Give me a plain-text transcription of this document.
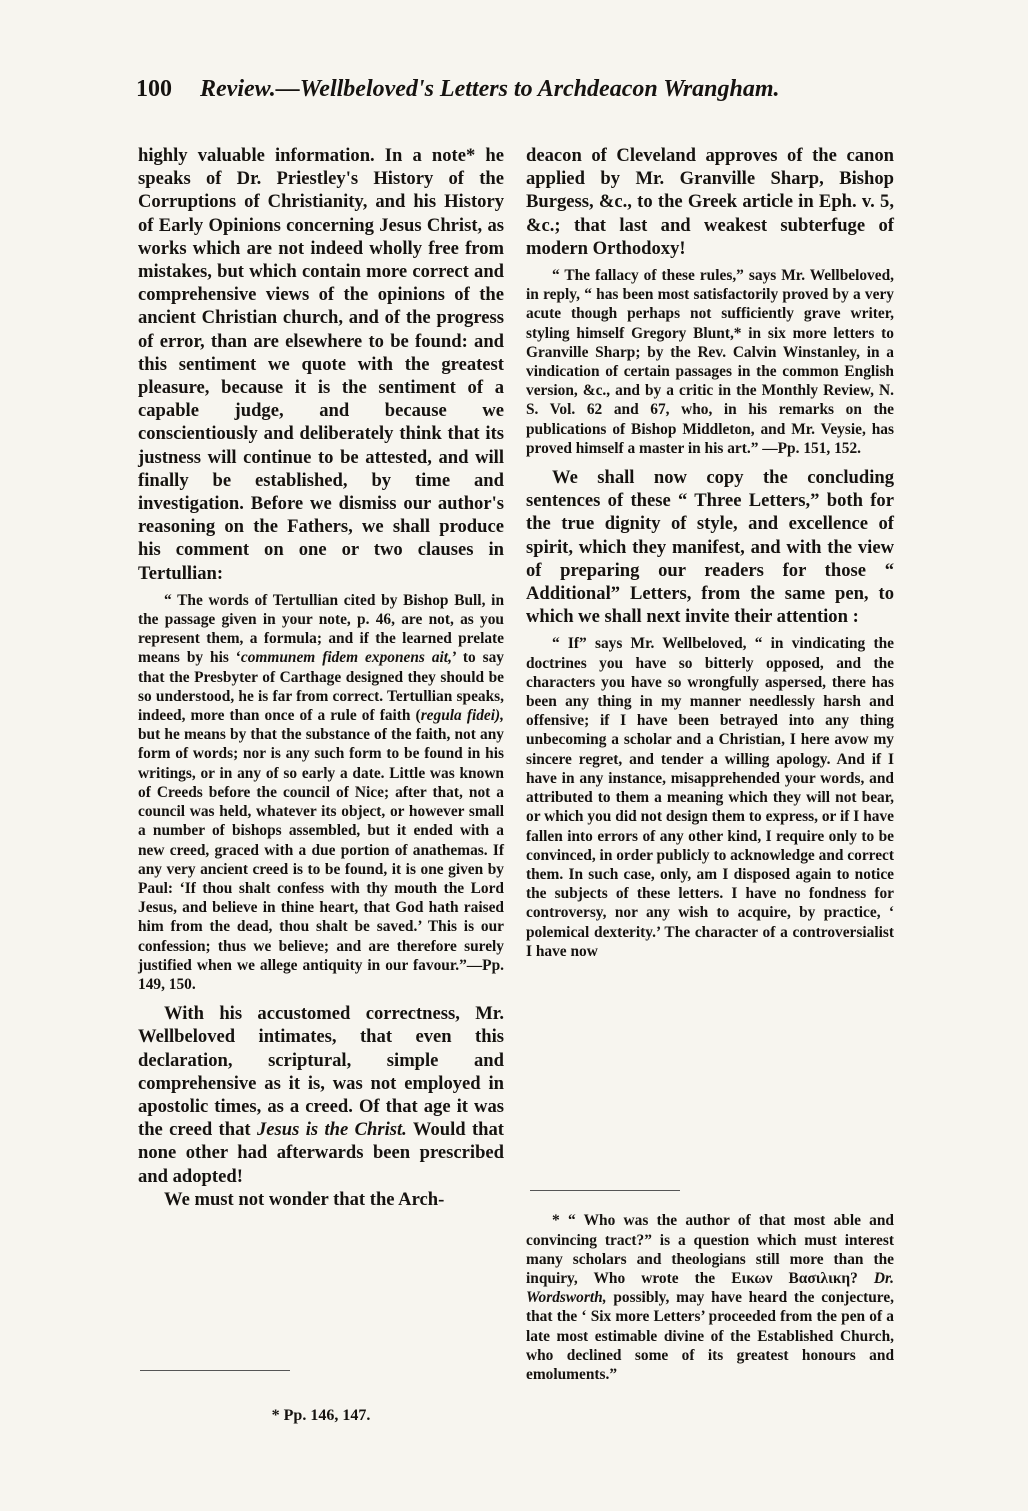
100 Review.—Wellbeloved's Letters to Archdeacon Wrangham.

highly valuable information. In a note* he speaks of Dr. Priestley's History of the Corruptions of Christianity, and his History of Early Opinions concerning Jesus Christ, as works which are not indeed wholly free from mistakes, but which contain more correct and comprehensive views of the opinions of the ancient Christian church, and of the progress of error, than are elsewhere to be found: and this sentiment we quote with the greatest pleasure, because it is the sentiment of a capable judge, and because we conscientiously and deliberately think that its justness will continue to be attested, and will finally be established, by time and investigation. Before we dismiss our author's reasoning on the Fathers, we shall produce his comment on one or two clauses in Tertullian:

“ The words of Tertullian cited by Bishop Bull, in the passage given in your note, p. 46, are not, as you represent them, a formula; and if the learned prelate means by his ‘communem fidem exponens ait,’ to say that the Presbyter of Carthage designed they should be so understood, he is far from correct. Tertullian speaks, indeed, more than once of a rule of faith (regula fidei), but he means by that the substance of the faith, not any form of words; nor is any such form to be found in his writings, or in any of so early a date. Little was known of Creeds before the council of Nice; after that, not a council was held, whatever its object, or however small a number of bishops assembled, but it ended with a new creed, graced with a due portion of anathemas. If any very ancient creed is to be found, it is one given by Paul: ‘If thou shalt confess with thy mouth the Lord Jesus, and believe in thine heart, that God hath raised him from the dead, thou shalt be saved.’ This is our confession; thus we believe; and are therefore surely justified when we allege antiquity in our favour.”—Pp. 149, 150.

With his accustomed correctness, Mr. Wellbeloved intimates, that even this declaration, scriptural, simple and comprehensive as it is, was not employed in apostolic times, as a creed. Of that age it was the creed that Jesus is the Christ. Would that none other had afterwards been prescribed and adopted!

We must not wonder that the Arch-

* Pp. 146, 147.

deacon of Cleveland approves of the canon applied by Mr. Granville Sharp, Bishop Burgess, &c., to the Greek article in Eph. v. 5, &c.; that last and weakest subterfuge of modern Orthodoxy!

“ The fallacy of these rules,” says Mr. Wellbeloved, in reply, “ has been most satisfactorily proved by a very acute though perhaps not sufficiently grave writer, styling himself Gregory Blunt,* in six more letters to Granville Sharp; by the Rev. Calvin Winstanley, in a vindication of certain passages in the common English version, &c., and by a critic in the Monthly Review, N. S. Vol. 62 and 67, who, in his remarks on the publications of Bishop Middleton, and Mr. Veysie, has proved himself a master in his art.” —Pp. 151, 152.

We shall now copy the concluding sentences of these “ Three Letters,” both for the true dignity of style, and excellence of spirit, which they manifest, and with the view of preparing our readers for those “ Additional” Letters, from the same pen, to which we shall next invite their attention :

“ If” says Mr. Wellbeloved, “ in vindicating the doctrines you have so bitterly opposed, and the characters you have so wrongfully aspersed, there has been any thing in my manner needlessly harsh and offensive; if I have been betrayed into any thing unbecoming a scholar and a Christian, I here avow my sincere regret, and tender a willing apology. And if I have in any instance, misapprehended your words, and attributed to them a meaning which they will not bear, or which you did not design them to express, or if I have fallen into errors of any other kind, I require only to be convinced, in order publicly to acknowledge and correct them. In such case, only, am I disposed again to notice the subjects of these letters. I have no fondness for controversy, nor any wish to acquire, by practice, ‘ polemical dexterity.’ The character of a controversialist I have now

* “ Who was the author of that most able and convincing tract?” is a question which must interest many scholars and theologians still more than the inquiry, Who wrote the Εικων Βασιλικη? Dr. Wordsworth, possibly, may have heard the conjecture, that the ‘ Six more Letters’ proceeded from the pen of a late most estimable divine of the Established Church, who declined some of its greatest honours and emoluments.”
